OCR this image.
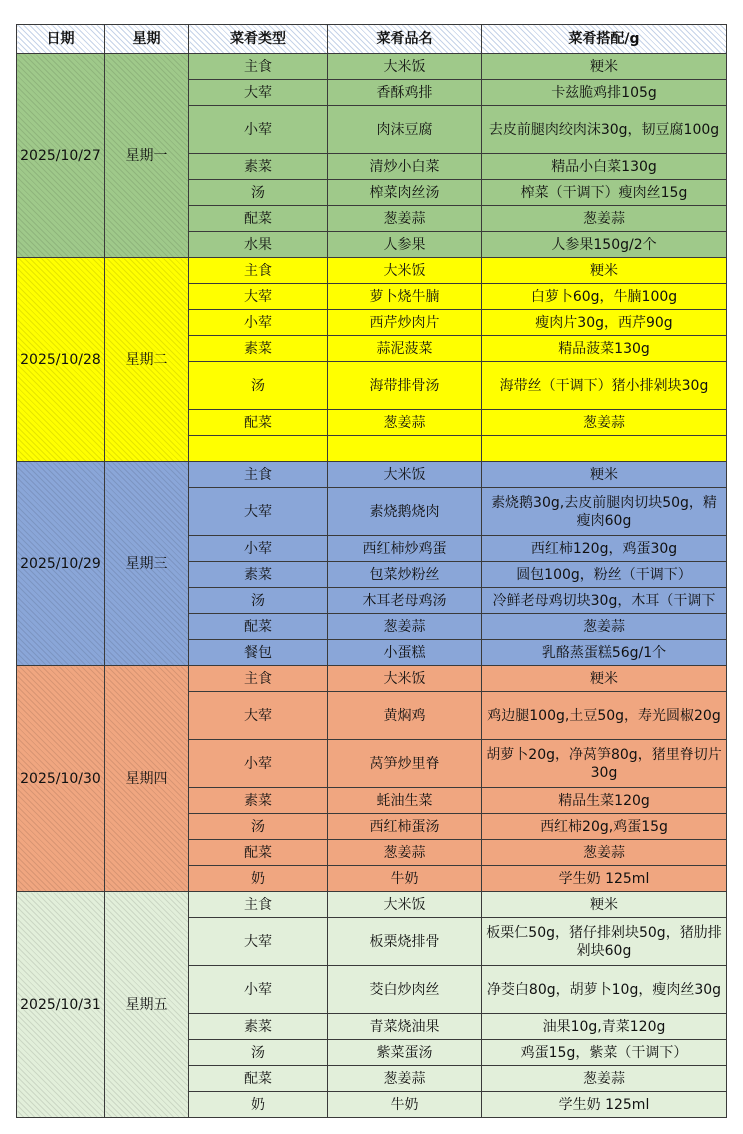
日期	星期	菜肴类型	菜肴品名	菜肴搭配/g
2025/10/27	星期一	主食	大米饭	粳米
		大荤	香酥鸡排	卡兹脆鸡排105g
		小荤	肉沫豆腐	去皮前腿肉绞肉沫30g，韧豆腐100g
		素菜	清炒小白菜	精品小白菜130g
		汤	榨菜肉丝汤	榨菜（干调下）瘦肉丝15g
		配菜	葱姜蒜	葱姜蒜
		水果	人参果	人参果150g/2个
2025/10/28	星期二	主食	大米饭	粳米
		大荤	萝卜烧牛腩	白萝卜60g，牛腩100g
		小荤	西芹炒肉片	瘦肉片30g，西芹90g
		素菜	蒜泥菠菜	精品菠菜130g
		汤	海带排骨汤	海带丝（干调下）猪小排剁块30g
		配菜	葱姜蒜	葱姜蒜

2025/10/29	星期三	主食	大米饭	粳米
		大荤	素烧鹅烧肉	素烧鹅30g,去皮前腿肉切块50g，精瘦肉60g
		小荤	西红柿炒鸡蛋	西红柿120g，鸡蛋30g
		素菜	包菜炒粉丝	圆包100g，粉丝（干调下）
		汤	木耳老母鸡汤	冷鲜老母鸡切块30g，木耳（干调下
		配菜	葱姜蒜	葱姜蒜
		餐包	小蛋糕	乳酪蒸蛋糕56g/1个
2025/10/30	星期四	主食	大米饭	粳米
		大荤	黄焖鸡	鸡边腿100g,土豆50g，寿光圆椒20g
		小荤	莴笋炒里脊	胡萝卜20g，净莴笋80g，猪里脊切片30g
		素菜	蚝油生菜	精品生菜120g
		汤	西红柿蛋汤	西红柿20g,鸡蛋15g
		配菜	葱姜蒜	葱姜蒜
		奶	牛奶	学生奶 125ml
2025/10/31	星期五	主食	大米饭	粳米
		大荤	板栗烧排骨	板栗仁50g，猪仔排剁块50g，猪肋排剁块60g
		小荤	茭白炒肉丝	净茭白80g，胡萝卜10g，瘦肉丝30g
		素菜	青菜烧油果	油果10g,青菜120g
		汤	紫菜蛋汤	鸡蛋15g，紫菜（干调下）
		配菜	葱姜蒜	葱姜蒜
		奶	牛奶	学生奶 125ml
